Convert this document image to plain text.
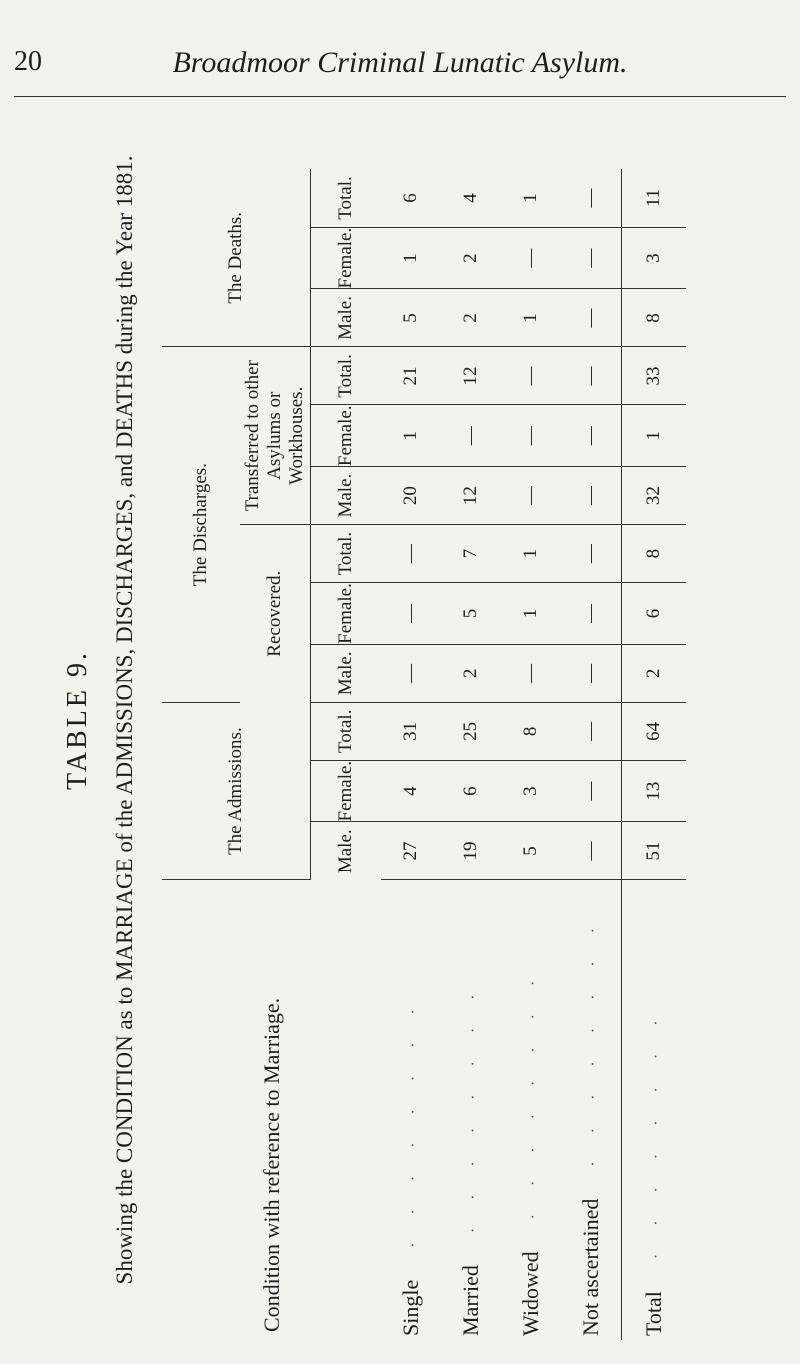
20	Broadmoor Criminal Lunatic Asylum.
TABLE 9. Showing the CONDITION as to MARRIAGE of the ADMISSIONS, DISCHARGES, and DEATHS during the Year 1881.	Condition with reference to Marriage.	The Admissions.			The Discharges.						The Deaths.		
				Recovered.			Transferred to other Asylums or Workhouses.					
	Male.	Female.	Total.	Male.	Female.	Total.	Male.	Female.	Total.	Male.	Female.	Total.
Single ········	27	4	31	—	—	—	20	1	21	5	1	6
Married ········	19	6	25	2	5	7	12	—	12	2	2	4
Widowed ········	5	3	8	—	1	1	—	—	—	1	—	1
Not ascertained ········	—	—	—	—	—	—	—	—	—	—	—	—
Total ········	51	13	64	2	6	8	32	1	33	8	3	11
